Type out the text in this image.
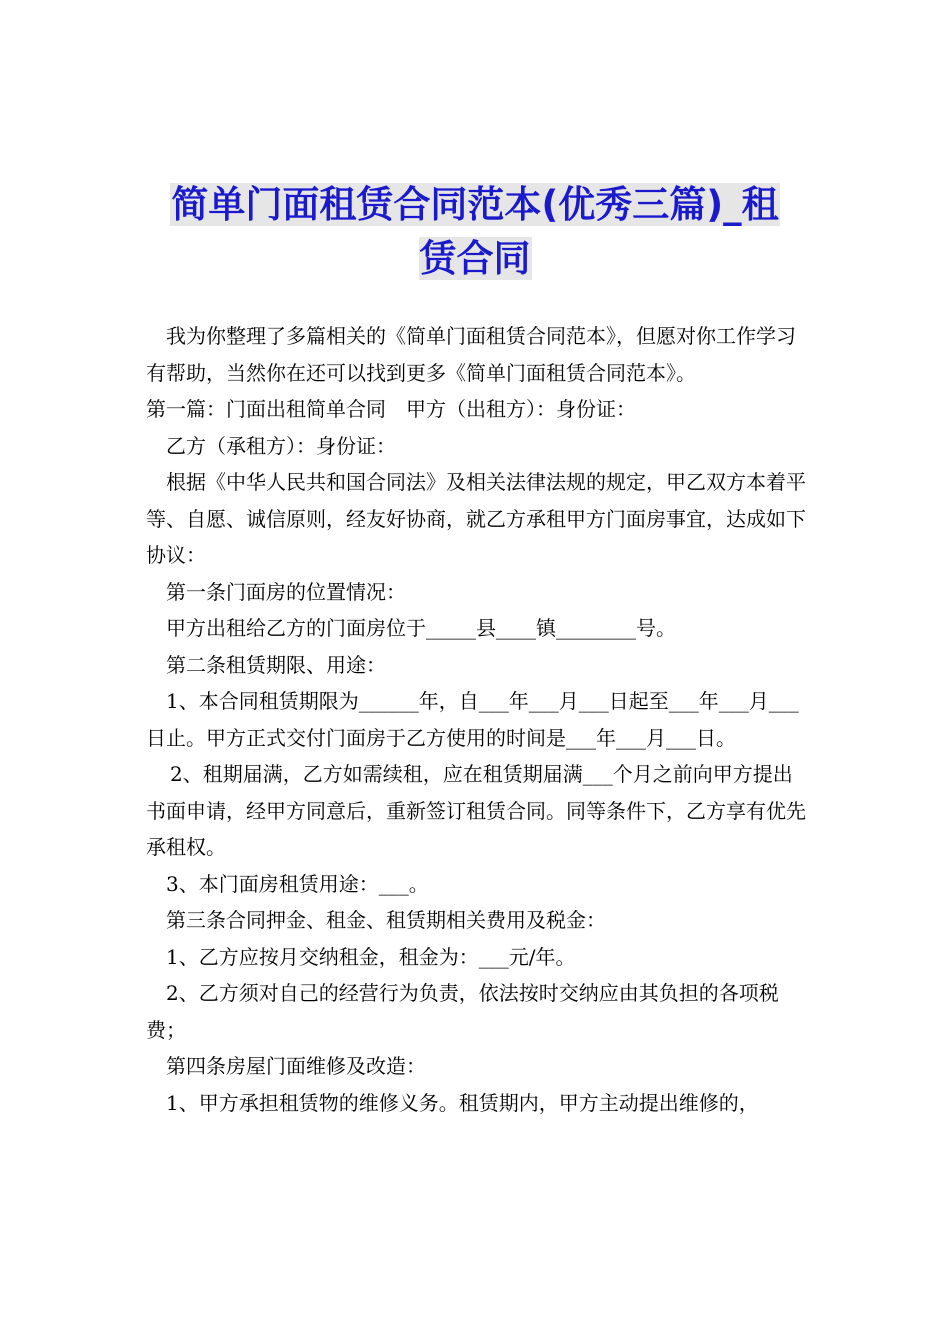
简单门面租赁合同范本(优秀三篇)_租
赁合同

我为你整理了多篇相关的《简单门面租赁合同范本》，但愿对你工作学习有帮助，当然你在还可以找到更多《简单门面租赁合同范本》。

第一篇：门面出租简单合同　甲方（出租方）：身份证：

乙方（承租方）：身份证：

根据《中华人民共和国合同法》及相关法律法规的规定，甲乙双方本着平等、自愿、诚信原则，经友好协商，就乙方承租甲方门面房事宜，达成如下协议：

第一条门面房的位置情况：

甲方出租给乙方的门面房位于_____县____镇________号。

第二条租赁期限、用途：

1、本合同租赁期限为______年，自___年___月___日起至___年___月___日止。甲方正式交付门面房于乙方使用的时间是___年___月___日。

2、租期届满，乙方如需续租，应在租赁期届满___个月之前向甲方提出书面申请，经甲方同意后，重新签订租赁合同。同等条件下，乙方享有优先承租权。

3、本门面房租赁用途：___。

第三条合同押金、租金、租赁期相关费用及税金：

1、乙方应按月交纳租金，租金为：___元/年。

2、乙方须对自己的经营行为负责，依法按时交纳应由其负担的各项税费；

第四条房屋门面维修及改造：

1、甲方承担租赁物的维修义务。租赁期内，甲方主动提出维修的，
